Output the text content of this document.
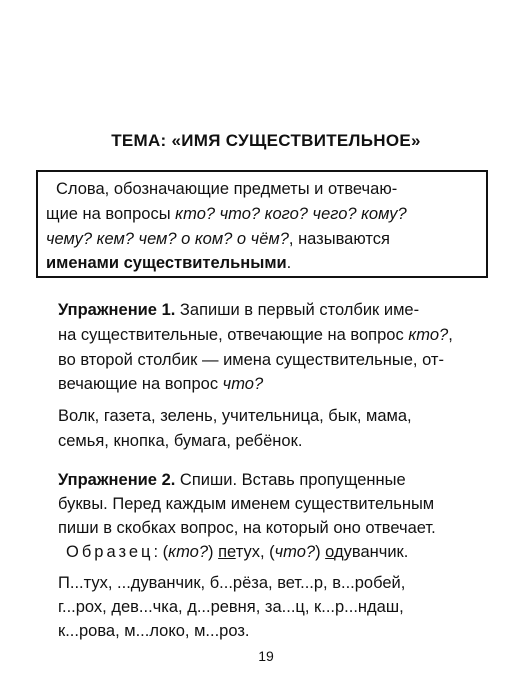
ТЕМА: «ИМЯ СУЩЕСТВИТЕЛЬНОЕ»
Слова, обозначающие предметы и отвечаю-
щие на вопросы кто? что? кого? чего? кому?
чему? кем? чем? о ком? о чём?, называются
именами существительными.
Упражнение 1. Запиши в первый столбик име-
на существительные, отвечающие на вопрос кто?,
во второй столбик — имена существительные, от-
вечающие на вопрос что?
Волк, газета, зелень, учительница, бык, мама,
семья, кнопка, бумага, ребёнок.
Упражнение 2. Спиши. Вставь пропущенные
буквы. Перед каждым именем существительным
пиши в скобках вопрос, на который оно отвечает.
Образец: (кто?) петух, (что?) одуванчик.
П...тух, ...дуванчик, б...рёза, вет...р, в...робей,
г...рох, дев...чка, д...ревня, за...ц, к...р...ндаш,
к...рова, м...локо, м...роз.
19
